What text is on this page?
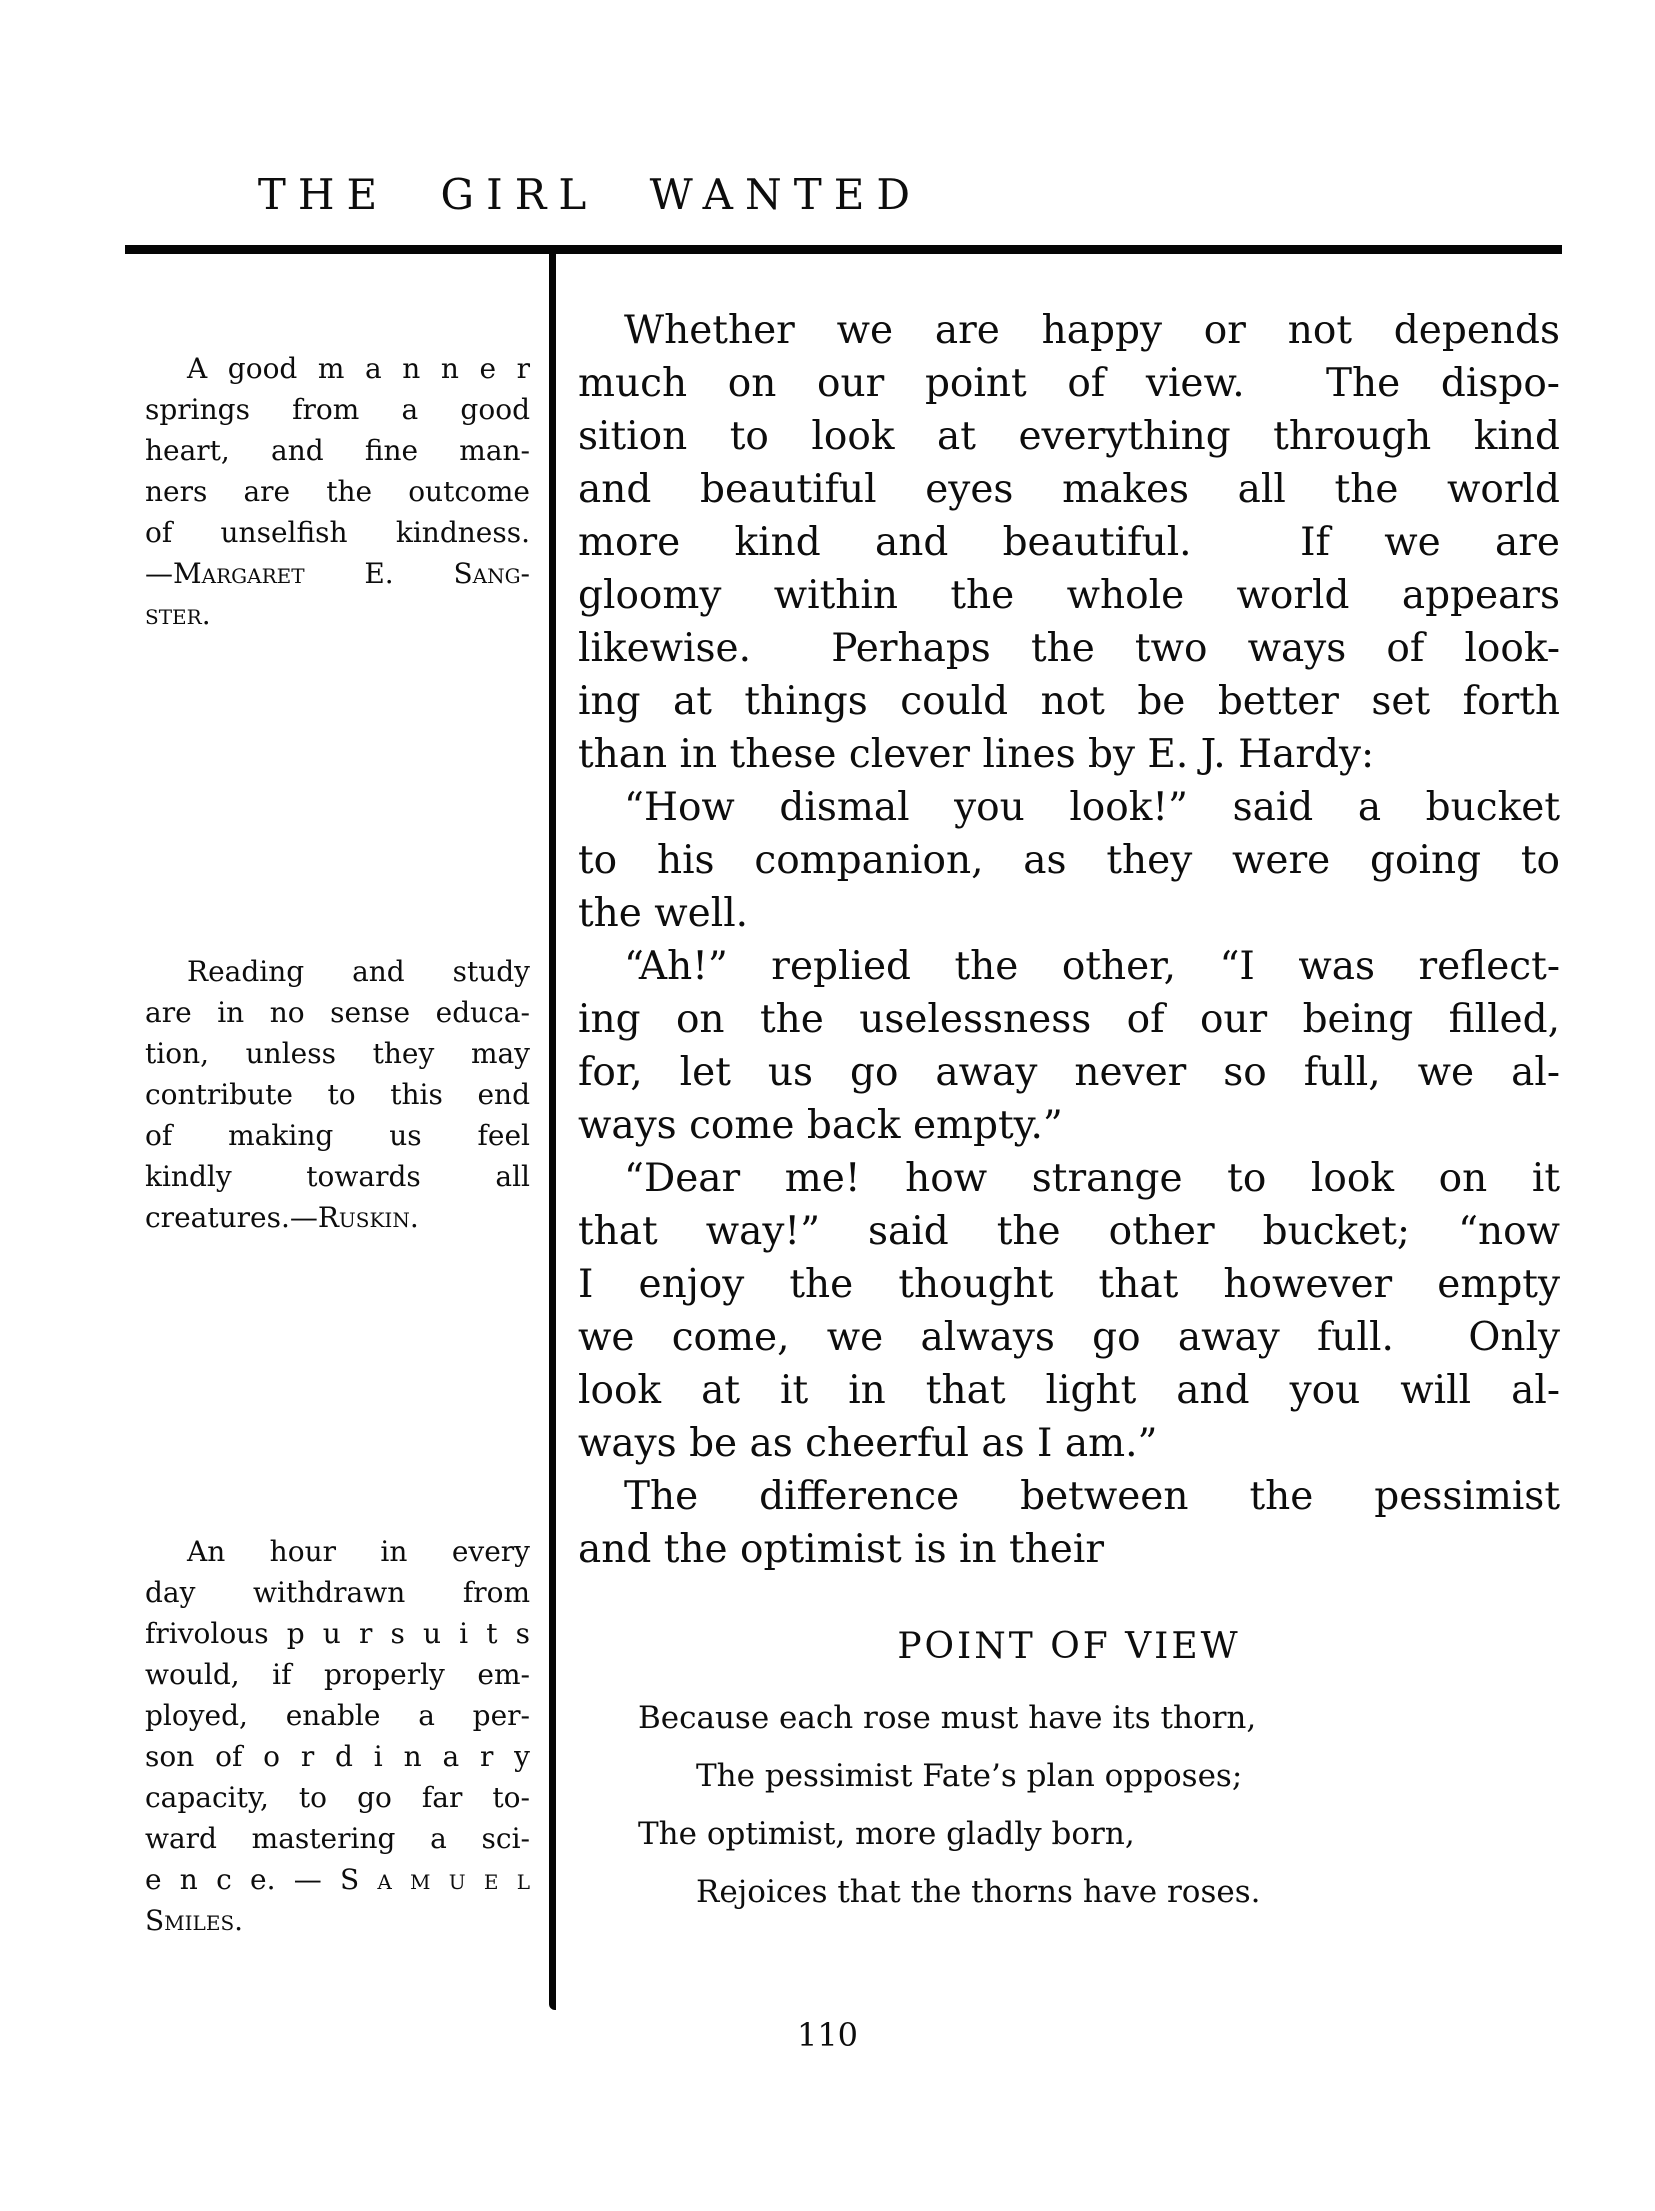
THE GIRL WANTED
A good m a n n e r
springs from a good
heart, and fine man-
ners are the outcome
of unselfish kindness.
—Margaret E. Sang-
ster.
Reading and study
are in no sense educa-
tion, unless they may
contribute to this end
of making us feel
kindly towards all
creatures.—Ruskin.
An hour in every
day withdrawn from
frivolous p u r s u i t s
would, if properly em-
ployed, enable a per-
son of o r d i n a r y
capacity, to go far to-
ward mastering a sci-
e n c e. — S a m u e l
Smiles.
Whether we are happy or not depends
much on our point of view.  The dispo-
sition to look at everything through kind
and beautiful eyes makes all the world
more kind and beautiful.  If we are
gloomy within the whole world appears
likewise.  Perhaps the two ways of look-
ing at things could not be better set forth
than in these clever lines by E. J. Hardy:
“How dismal you look!” said a bucket
to his companion, as they were going to
the well.
“Ah!” replied the other, “I was reflect-
ing on the uselessness of our being filled,
for, let us go away never so full, we al-
ways come back empty.”
“Dear me! how strange to look on it
that way!” said the other bucket; “now
I enjoy the thought that however empty
we come, we always go away full.  Only
look at it in that light and you will al-
ways be as cheerful as I am.”
The difference between the pessimist
and the optimist is in their
POINT OF VIEW
Because each rose must have its thorn,
The pessimist Fate’s plan opposes;
The optimist, more gladly born,
Rejoices that the thorns have roses.
110
